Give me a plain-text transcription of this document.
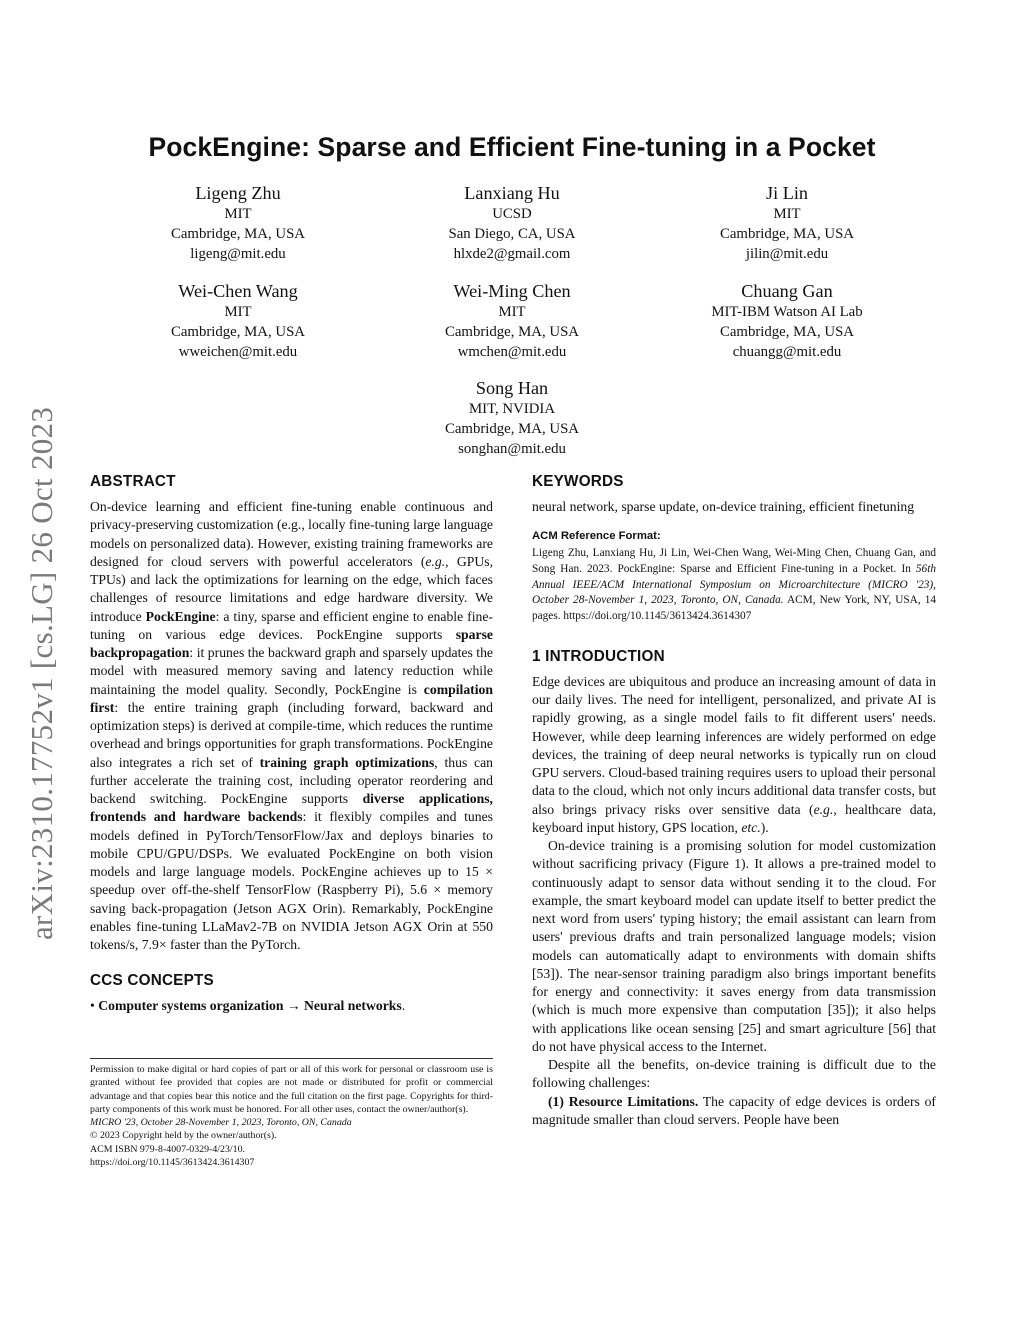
arXiv:2310.17752v1 [cs.LG] 26 Oct 2023
PockEngine: Sparse and Efficient Fine-tuning in a Pocket
Ligeng Zhu
MIT
Cambridge, MA, USA
ligeng@mit.edu
Lanxiang Hu
UCSD
San Diego, CA, USA
hlxde2@gmail.com
Ji Lin
MIT
Cambridge, MA, USA
jilin@mit.edu
Wei-Chen Wang
MIT
Cambridge, MA, USA
wweichen@mit.edu
Wei-Ming Chen
MIT
Cambridge, MA, USA
wmchen@mit.edu
Chuang Gan
MIT-IBM Watson AI Lab
Cambridge, MA, USA
chuangg@mit.edu
Song Han
MIT, NVIDIA
Cambridge, MA, USA
songhan@mit.edu
ABSTRACT

On-device learning and efficient fine-tuning enable continuous and privacy-preserving customization (e.g., locally fine-tuning large language models on personalized data). However, existing training frameworks are designed for cloud servers with powerful accelerators (e.g., GPUs, TPUs) and lack the optimizations for learning on the edge, which faces challenges of resource limitations and edge hardware diversity. We introduce PockEngine: a tiny, sparse and efficient engine to enable fine-tuning on various edge devices. PockEngine supports sparse backpropagation: it prunes the backward graph and sparsely updates the model with measured memory saving and latency reduction while maintaining the model quality. Secondly, PockEngine is compilation first: the entire training graph (including forward, backward and optimization steps) is derived at compile-time, which reduces the runtime overhead and brings opportunities for graph transformations. PockEngine also integrates a rich set of training graph optimizations, thus can further accelerate the training cost, including operator reordering and backend switching. PockEngine supports diverse applications, frontends and hardware backends: it flexibly compiles and tunes models defined in PyTorch/TensorFlow/Jax and deploys binaries to mobile CPU/GPU/DSPs. We evaluated PockEngine on both vision models and large language models. PockEngine achieves up to 15 × speedup over off-the-shelf TensorFlow (Raspberry Pi), 5.6 × memory saving back-propagation (Jetson AGX Orin). Remarkably, PockEngine enables fine-tuning LLaMav2-7B on NVIDIA Jetson AGX Orin at 550 tokens/s, 7.9× faster than the PyTorch.

CCS CONCEPTS

• Computer systems organization → Neural networks.

Permission to make digital or hard copies of part or all of this work for personal or classroom use is granted without fee provided that copies are not made or distributed for profit or commercial advantage and that copies bear this notice and the full citation on the first page. Copyrights for third-party components of this work must be honored. For all other uses, contact the owner/author(s).
MICRO '23, October 28-November 1, 2023, Toronto, ON, Canada
© 2023 Copyright held by the owner/author(s).
ACM ISBN 979-8-4007-0329-4/23/10.
https://doi.org/10.1145/3613424.3614307
KEYWORDS

neural network, sparse update, on-device training, efficient finetuning

ACM Reference Format:

Ligeng Zhu, Lanxiang Hu, Ji Lin, Wei-Chen Wang, Wei-Ming Chen, Chuang Gan, and Song Han. 2023. PockEngine: Sparse and Efficient Fine-tuning in a Pocket. In 56th Annual IEEE/ACM International Symposium on Microarchitecture (MICRO '23), October 28-November 1, 2023, Toronto, ON, Canada. ACM, New York, NY, USA, 14 pages. https://doi.org/10.1145/3613424.3614307

1 INTRODUCTION

Edge devices are ubiquitous and produce an increasing amount of data in our daily lives. The need for intelligent, personalized, and private AI is rapidly growing, as a single model fails to fit different users' needs. However, while deep learning inferences are widely performed on edge devices, the training of deep neural networks is typically run on cloud GPU servers. Cloud-based training requires users to upload their personal data to the cloud, which not only incurs additional data transfer costs, but also brings privacy risks over sensitive data (e.g., healthcare data, keyboard input history, GPS location, etc.).

On-device training is a promising solution for model customization without sacrificing privacy (Figure 1). It allows a pre-trained model to continuously adapt to sensor data without sending it to the cloud. For example, the smart keyboard model can update itself to better predict the next word from users' typing history; the email assistant can learn from users' previous drafts and train personalized language models; vision models can automatically adapt to environments with domain shifts [53]). The near-sensor training paradigm also brings important benefits for energy and connectivity: it saves energy from data transmission (which is much more expensive than computation [35]); it also helps with applications like ocean sensing [25] and smart agriculture [56] that do not have physical access to the Internet.

Despite all the benefits, on-device training is difficult due to the following challenges:

(1) Resource Limitations. The capacity of edge devices is orders of magnitude smaller than cloud servers. People have been
